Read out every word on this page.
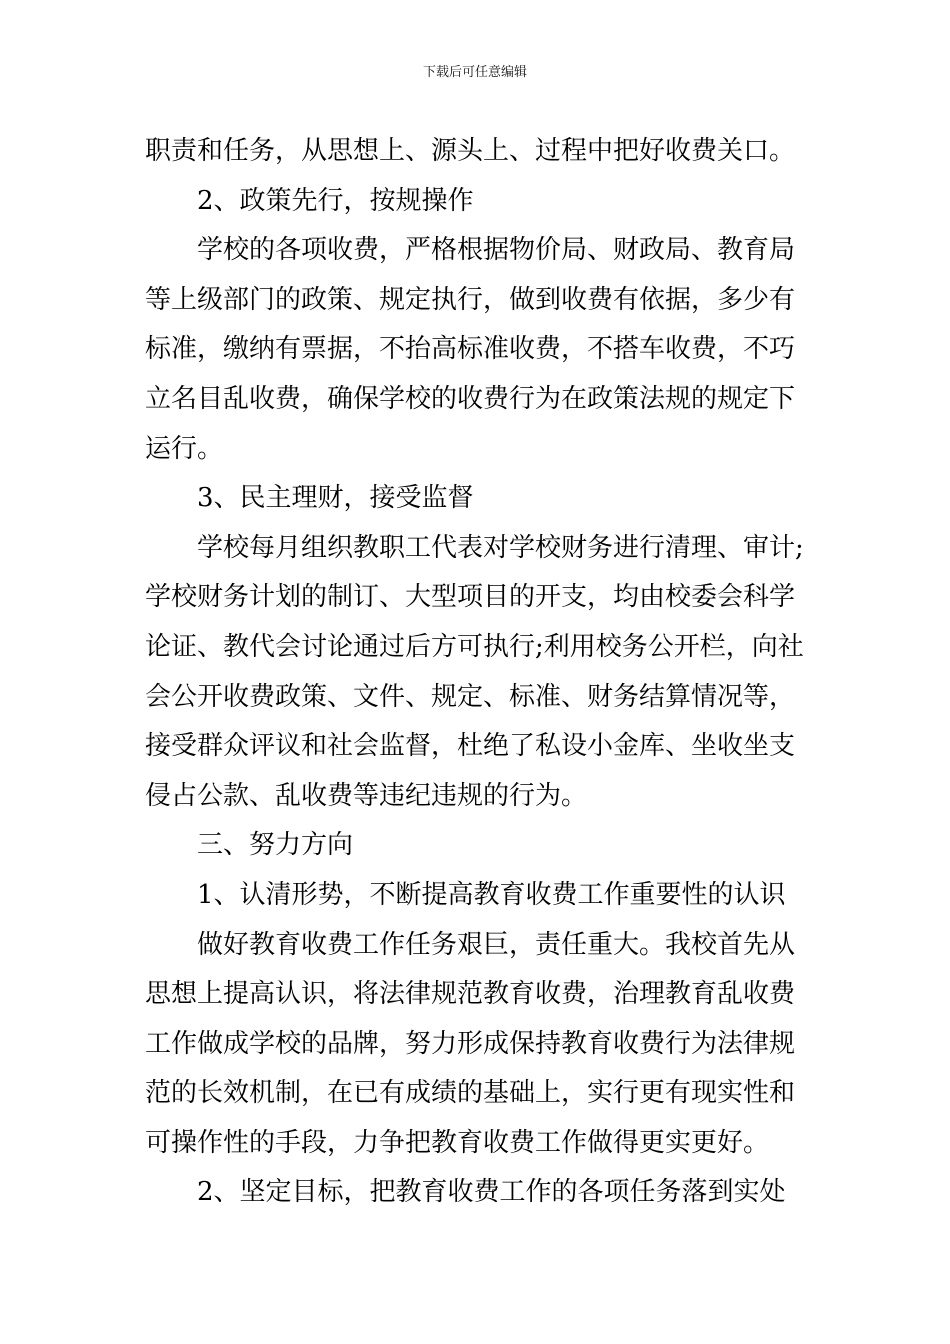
下载后可任意编辑
职责和任务，从思想上、源头上、过程中把好收费关口。
2、政策先行，按规操作
学校的各项收费，严格根据物价局、财政局、教育局
等上级部门的政策、规定执行，做到收费有依据，多少有
标准，缴纳有票据，不抬高标准收费，不搭车收费，不巧
立名目乱收费，确保学校的收费行为在政策法规的规定下
运行。
3、民主理财，接受监督
学校每月组织教职工代表对学校财务进行清理、审计;
学校财务计划的制订、大型项目的开支，均由校委会科学
论证、教代会讨论通过后方可执行;利用校务公开栏，向社
会公开收费政策、文件、规定、标准、财务结算情况等，
接受群众评议和社会监督，杜绝了私设小金库、坐收坐支
侵占公款、乱收费等违纪违规的行为。
三、努力方向
1、认清形势，不断提高教育收费工作重要性的认识
做好教育收费工作任务艰巨，责任重大。我校首先从
思想上提高认识，将法律规范教育收费，治理教育乱收费
工作做成学校的品牌，努力形成保持教育收费行为法律规
范的长效机制，在已有成绩的基础上，实行更有现实性和
可操作性的手段，力争把教育收费工作做得更实更好。
2、坚定目标，把教育收费工作的各项任务落到实处
